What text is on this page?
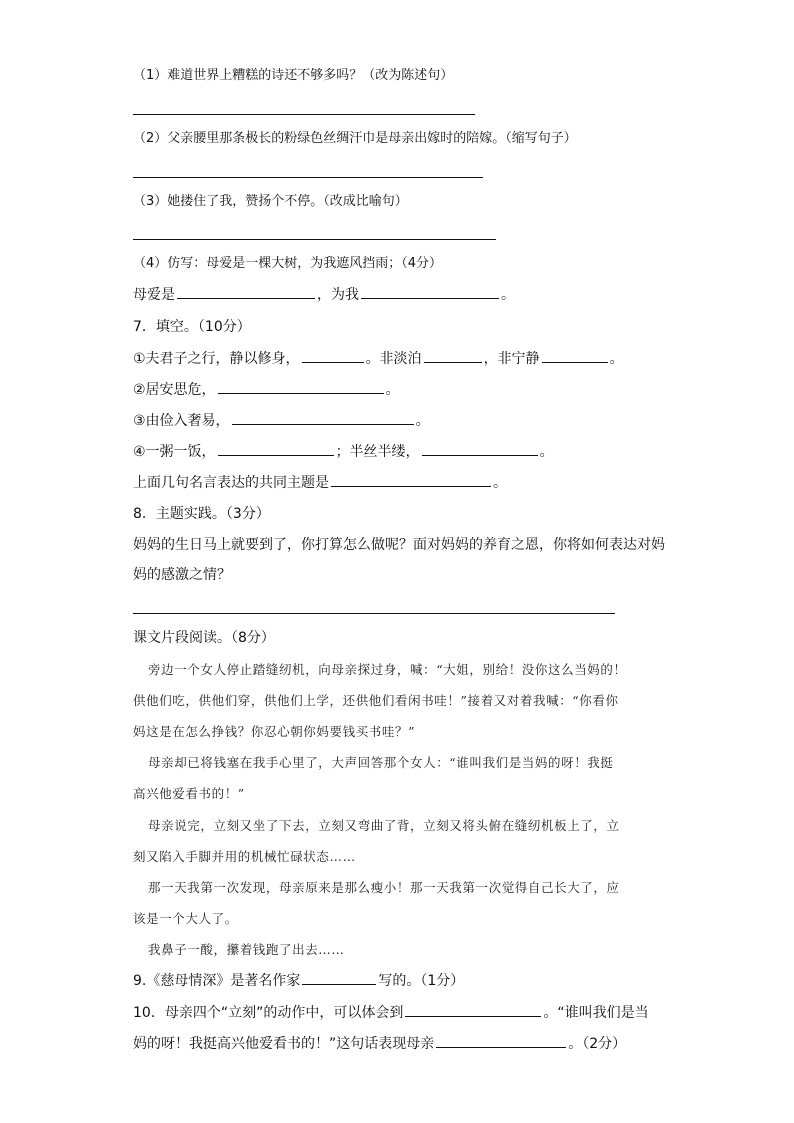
（1）难道世界上糟糕的诗还不够多吗？（改为陈述句）
（2）父亲腰里那条极长的粉绿色丝绸汗巾是母亲出嫁时的陪嫁。（缩写句子）
（3）她搂住了我，赞扬个不停。（改成比喻句）
（4）仿写：母爱是一棵大树，为我遮风挡雨；（4分）
母爱是	，为我	。
7．填空。（10分）
①夫君子之行，静以修身，	。非淡泊	，非宁静	。
②居安思危，	。
③由俭入奢易，	。
④一粥一饭，	；半丝半缕，	。
上面几句名言表达的共同主题是	。
8．主题实践。（3分）
妈妈的生日马上就要到了，你打算怎么做呢？面对妈妈的养育之恩，你将如何表达对妈
妈的感激之情？
课文片段阅读。（8分）
旁边一个女人停止踏缝纫机，向母亲探过身，喊：“大姐，别给！没你这么当妈的！
供他们吃，供他们穿，供他们上学，还供他们看闲书哇！”接着又对着我喊：“你看你
妈这是在怎么挣钱？你忍心朝你妈要钱买书哇？”
母亲却已将钱塞在我手心里了，大声回答那个女人：“谁叫我们是当妈的呀！我挺
高兴他爱看书的！”
母亲说完，立刻又坐了下去，立刻又弯曲了背，立刻又将头俯在缝纫机板上了，立
刻又陷入手脚并用的机械忙碌状态……
那一天我第一次发现，母亲原来是那么瘦小！那一天我第一次觉得自己长大了，应
该是一个大人了。
我鼻子一酸，攥着钱跑了出去……
9.《慈母情深》是著名作家	写的。（1分）
10．母亲四个“立刻”的动作中，可以体会到	。“谁叫我们是当
妈的呀！我挺高兴他爱看书的！”这句话表现母亲	。（2分）
